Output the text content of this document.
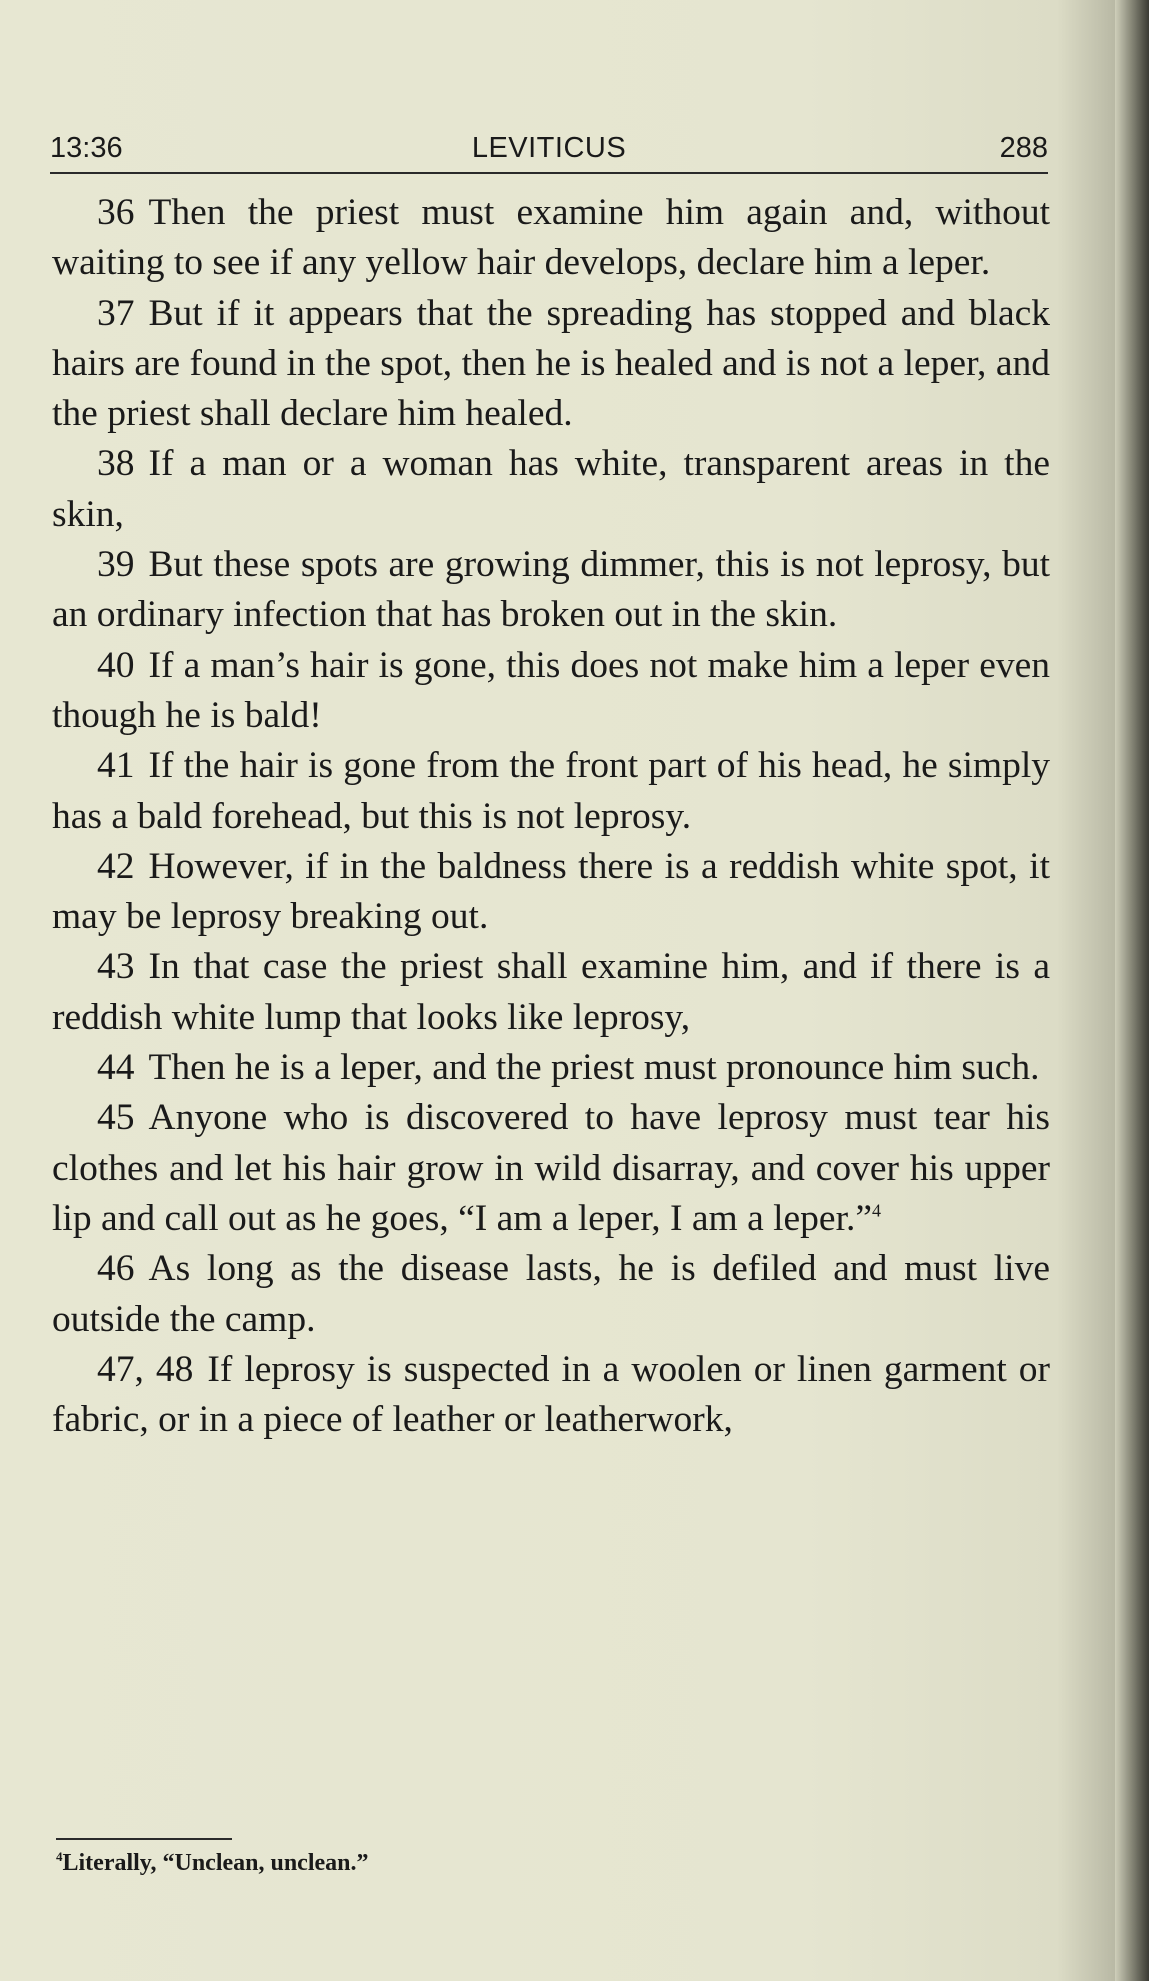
13:36	LEVITICUS	288

36 Then the priest must examine him again and, without waiting to see if any yellow hair develops, declare him a leper.

37 But if it appears that the spreading has stopped and black hairs are found in the spot, then he is healed and is not a leper, and the priest shall declare him healed.

38 If a man or a woman has white, transparent areas in the skin,

39 But these spots are growing dimmer, this is not leprosy, but an ordinary infection that has broken out in the skin.

40 If a man’s hair is gone, this does not make him a leper even though he is bald!

41 If the hair is gone from the front part of his head, he simply has a bald forehead, but this is not leprosy.

42 However, if in the baldness there is a reddish white spot, it may be leprosy breaking out.

43 In that case the priest shall examine him, and if there is a reddish white lump that looks like leprosy,

44 Then he is a leper, and the priest must pronounce him such.

45 Anyone who is discovered to have leprosy must tear his clothes and let his hair grow in wild disarray, and cover his upper lip and call out as he goes, “I am a leper, I am a leper.”$^4$

46 As long as the disease lasts, he is defiled and must live outside the camp.

47, 48 If leprosy is suspected in a woolen or linen garment or fabric, or in a piece of leather or leatherwork,

$^4$Literally, “Unclean, unclean.”
